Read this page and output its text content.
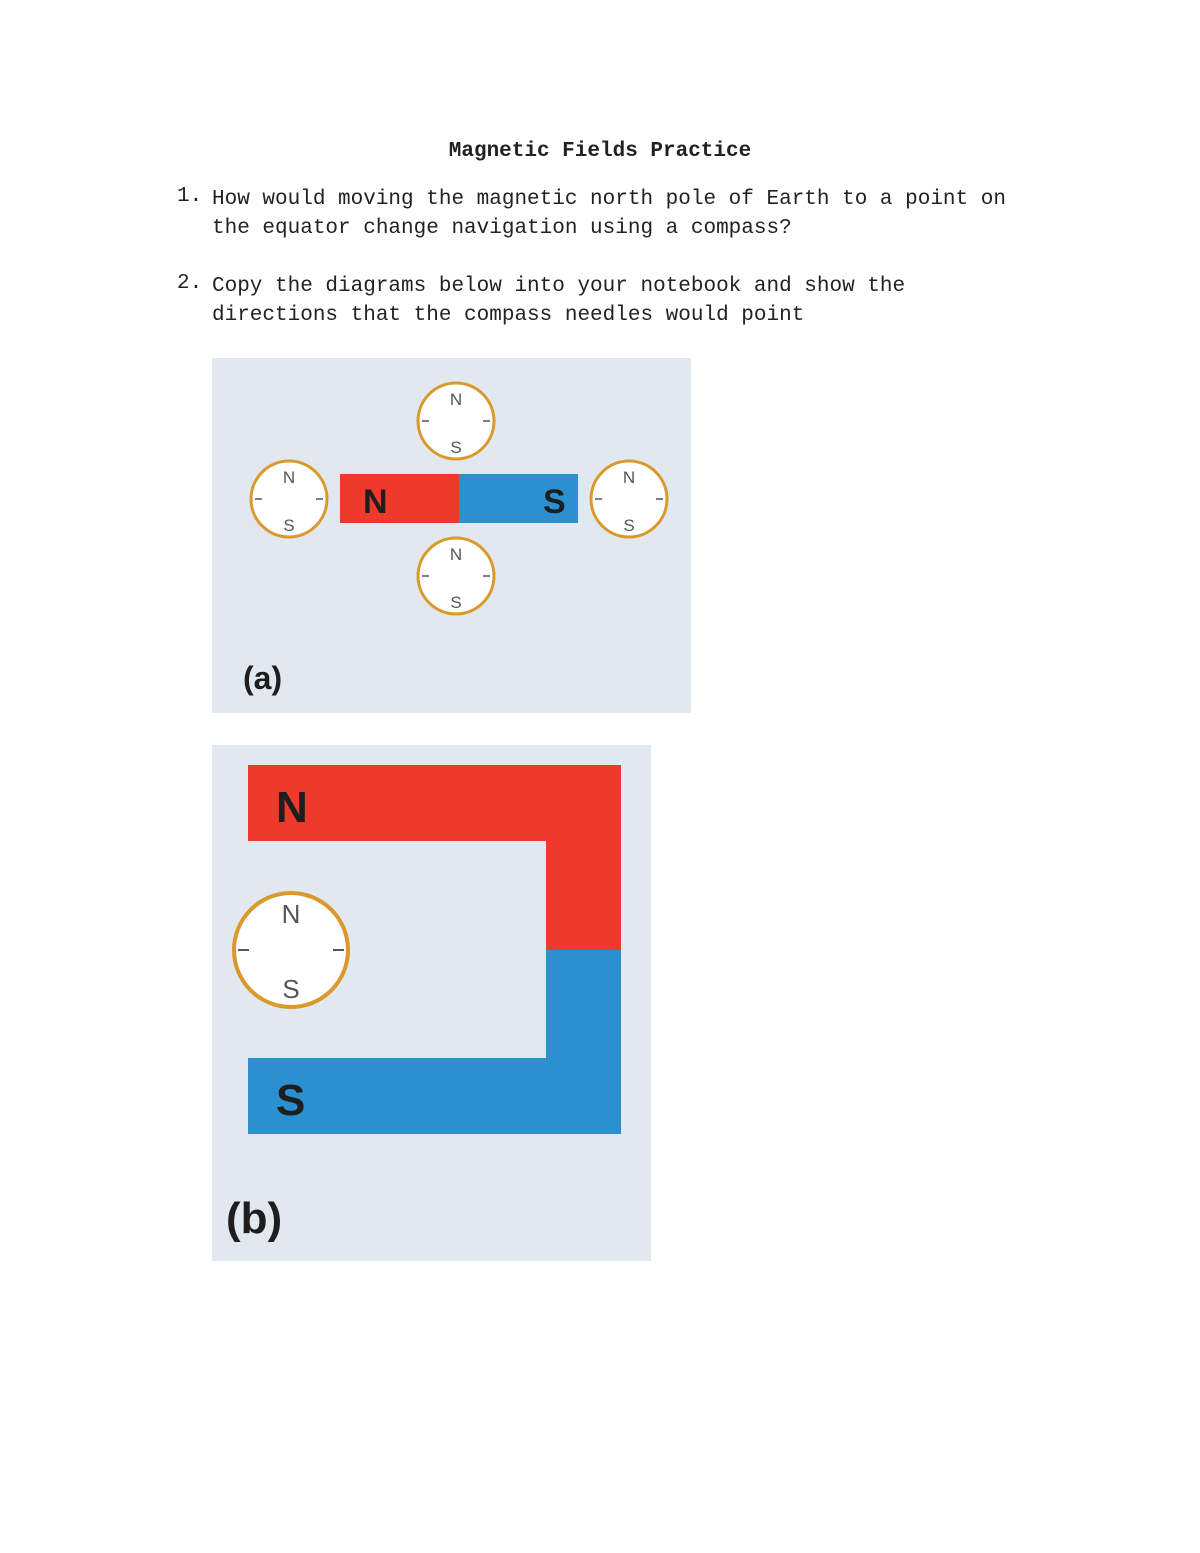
Magnetic Fields Practice
1. How would moving the magnetic north pole of Earth to a point on the equator change navigation using a compass?

2. Copy the diagrams below into your notebook and show the directions that the compass needles would point

N	S
N
S
N
S
N
S
N
S
(a)
N
S
N
S
(b)
